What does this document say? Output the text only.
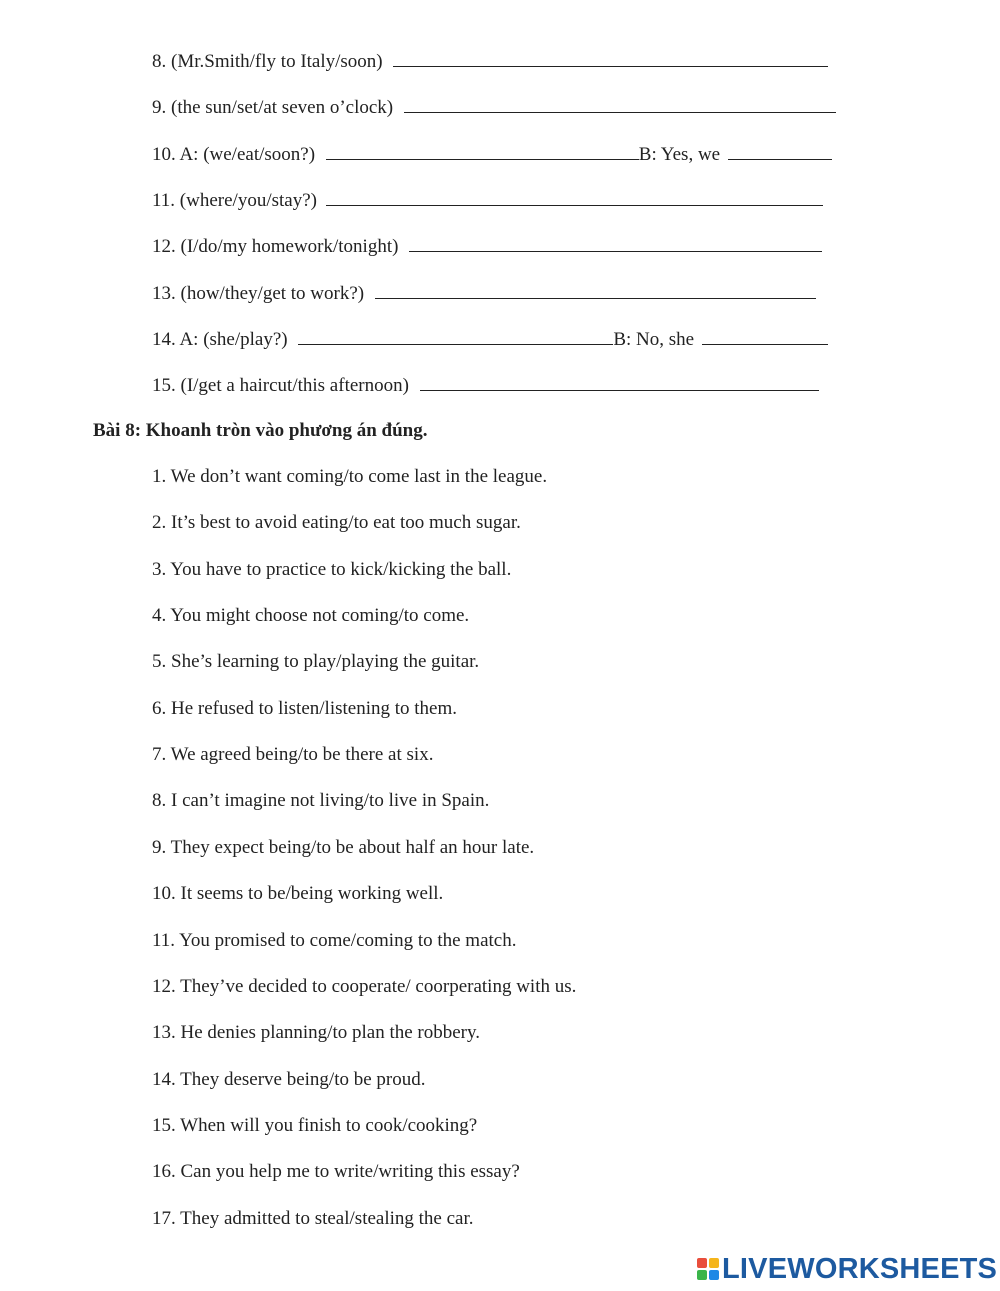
8. (Mr.Smith/fly to Italy/soon)
9. (the sun/set/at seven o’clock)
10. A: (we/eat/soon?)	B: Yes, we
11. (where/you/stay?)
12. (I/do/my homework/tonight)
13. (how/they/get to work?)
14. A: (she/play?)	B: No, she
15. (I/get a haircut/this afternoon)
Bài 8: Khoanh tròn vào phương án đúng.
1. We don’t want coming/to come last in the league.
2. It’s best to avoid eating/to eat too much sugar.
3. You have to practice to kick/kicking the ball.
4. You might choose not coming/to come.
5. She’s learning to play/playing the guitar.
6. He refused to listen/listening to them.
7. We agreed being/to be there at six.
8. I can’t imagine not living/to live in Spain.
9. They expect being/to be about half an hour late.
10. It seems to be/being working well.
11. You promised to come/coming to the match.
12. They’ve decided to cooperate/ coorperating with us.
13. He denies planning/to plan the robbery.
14. They deserve being/to be proud.
15. When will you finish to cook/cooking?
16. Can you help me to write/writing this essay?
17. They admitted to steal/stealing the car.
LIVEWORKSHEETS
